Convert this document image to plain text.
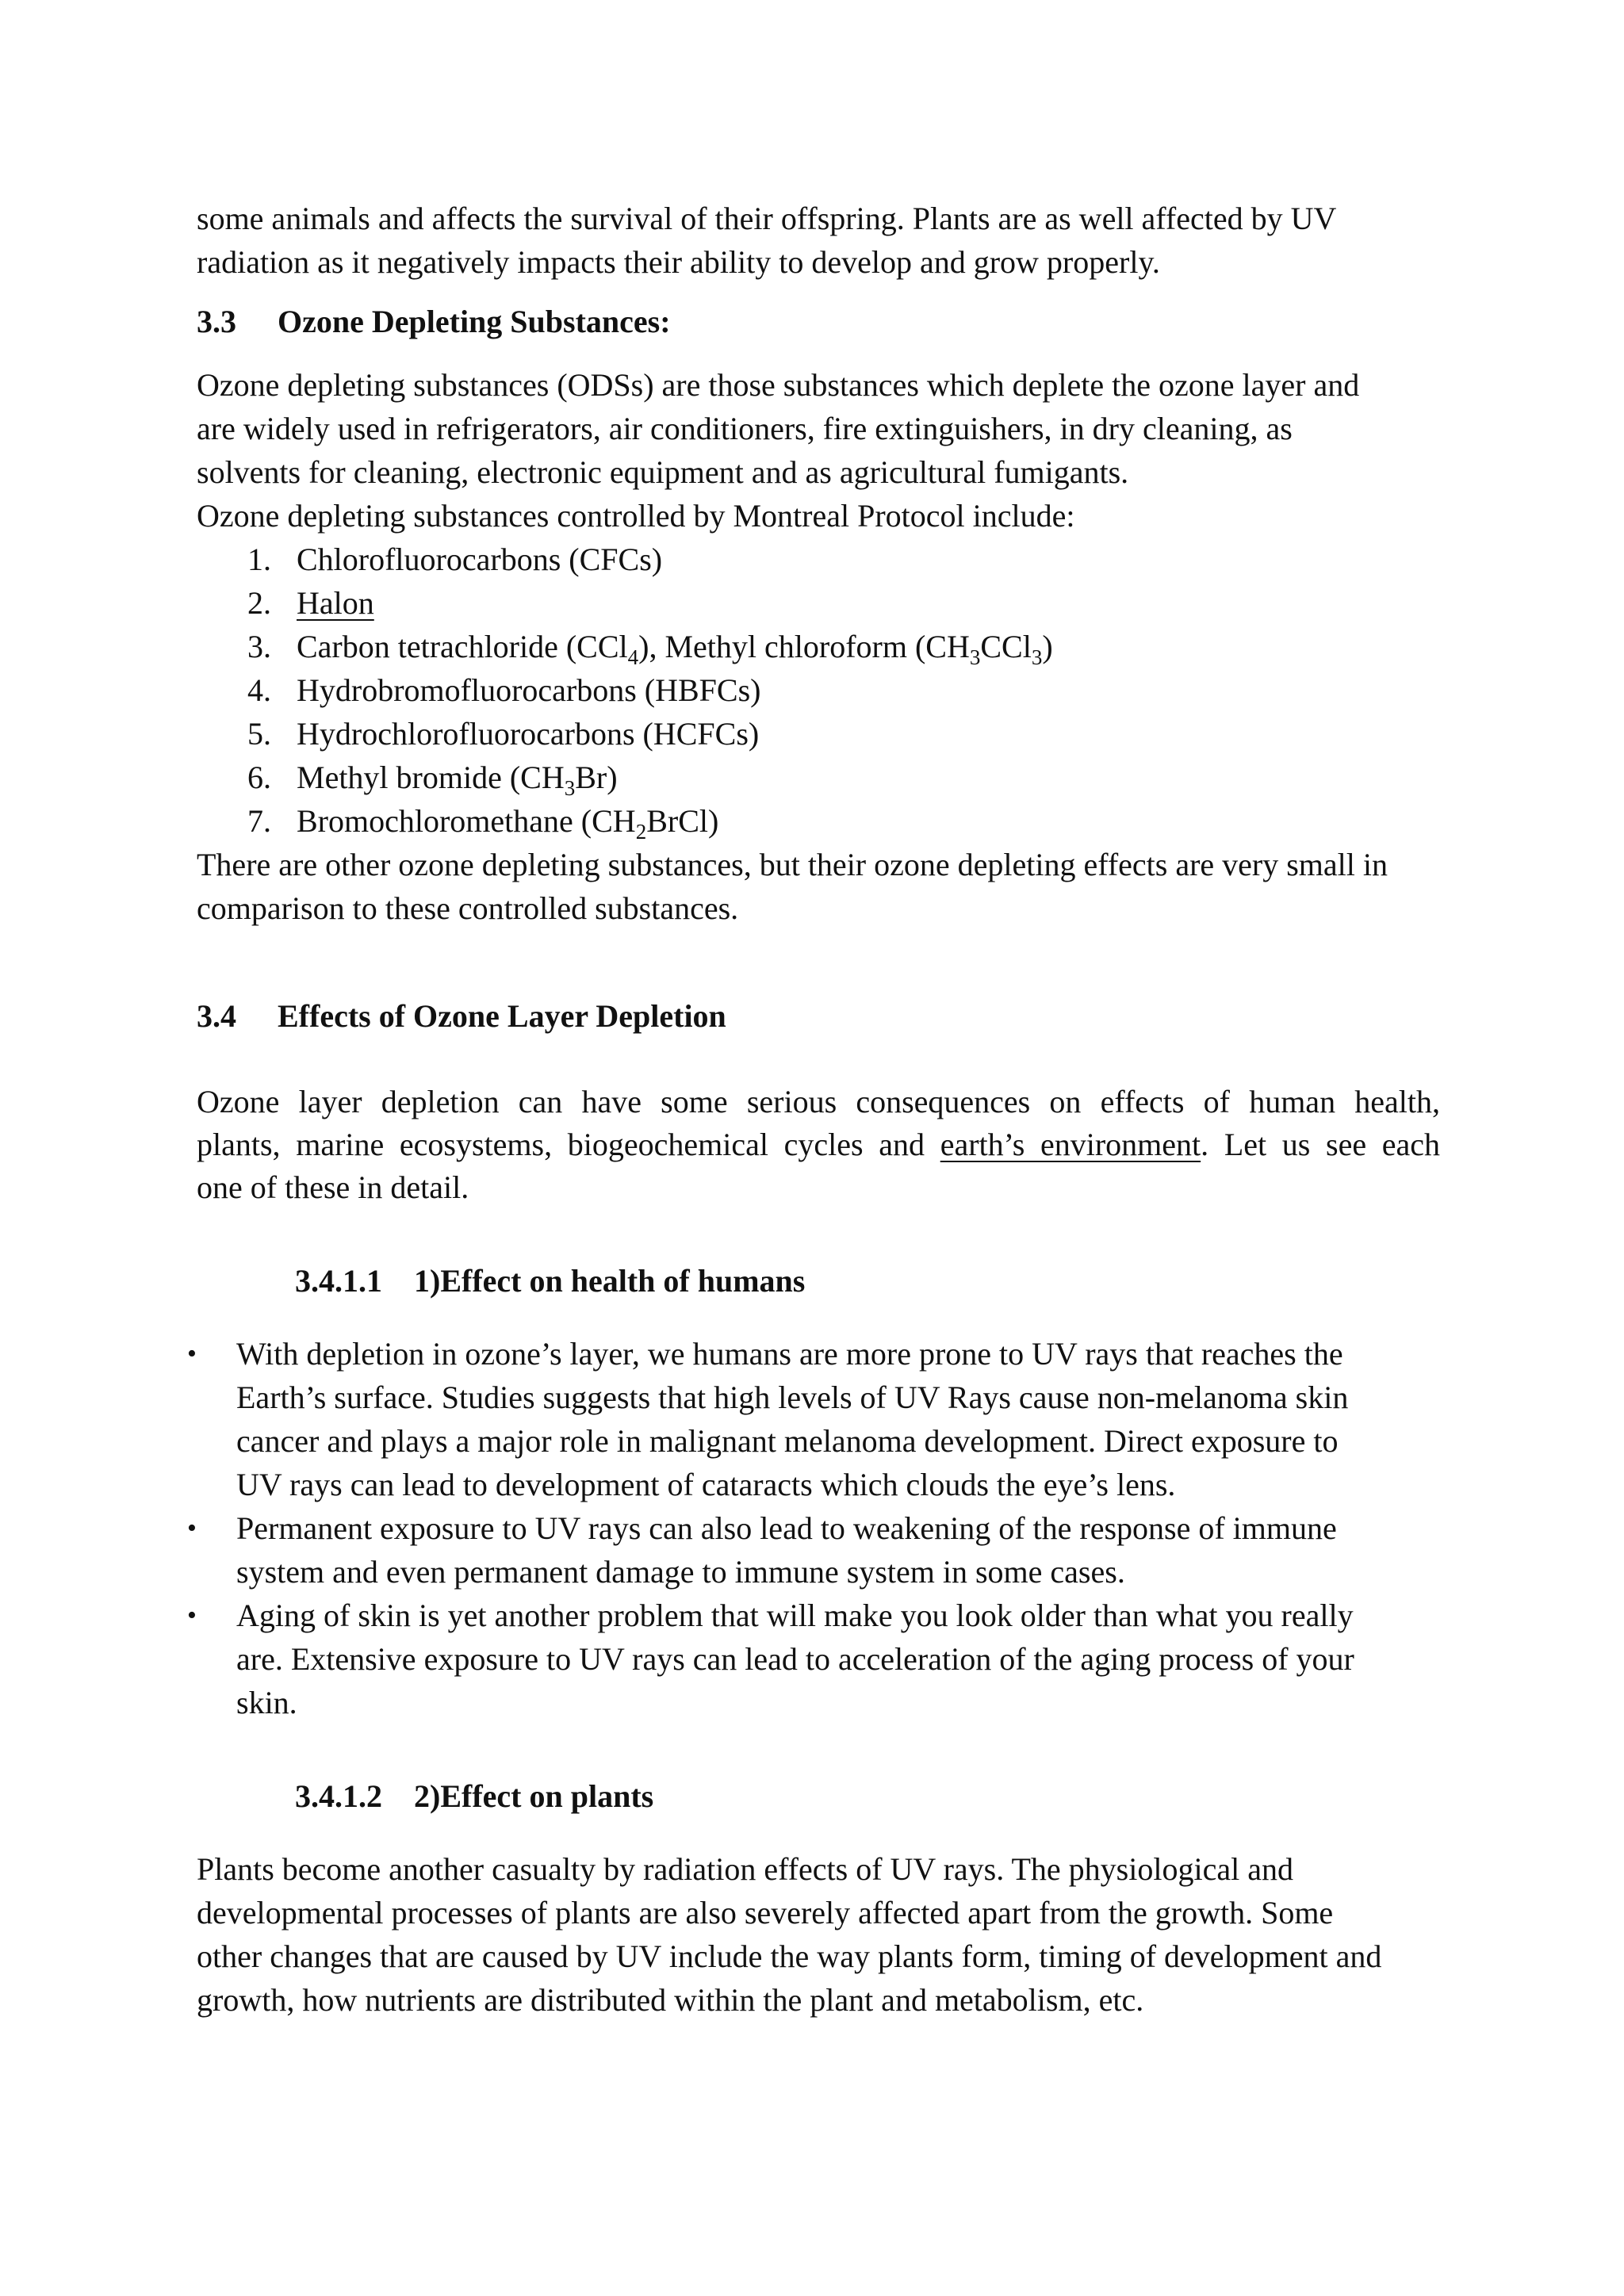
some animals and affects the survival of their offspring. Plants are as well affected by UV

radiation as it negatively impacts their ability to develop and grow properly.

3.3 Ozone Depleting Substances:

Ozone depleting substances (ODSs) are those substances which deplete the ozone layer and

are widely used in refrigerators, air conditioners, fire extinguishers, in dry cleaning, as

solvents for cleaning, electronic equipment and as agricultural fumigants.

Ozone depleting substances controlled by Montreal Protocol include:

1. Chlorofluorocarbons (CFCs)

2. Halon

3. Carbon tetrachloride (CCl$_4$), Methyl chloroform $(CH_3CCl_3)$

4. Hydrobromofluorocarbons (HBFCs)

5. Hydrochlorofluorocarbons (HCFCs)

6. Methyl bromide $(CH_3Br)$

7. Bromochloromethane $(CH_2BrCl)$

There are other ozone depleting substances, but their ozone depleting effects are very small in

comparison to these controlled substances.

3.4 Effects of Ozone Layer Depletion

Ozone layer depletion can have some serious consequences on effects of human health,

plants, marine ecosystems, biogeochemical cycles and earth’s environment. Let us see each

one of these in detail.

3.4.1.1 1)Effect on health of humans

• With depletion in ozone’s layer, we humans are more prone to UV rays that reaches the

Earth’s surface. Studies suggests that high levels of UV Rays cause non-melanoma skin

cancer and plays a major role in malignant melanoma development. Direct exposure to

UV rays can lead to development of cataracts which clouds the eye’s lens.

• Permanent exposure to UV rays can also lead to weakening of the response of immune

system and even permanent damage to immune system in some cases.

• Aging of skin is yet another problem that will make you look older than what you really

are. Extensive exposure to UV rays can lead to acceleration of the aging process of your

skin.

3.4.1.2 2)Effect on plants

Plants become another casualty by radiation effects of UV rays. The physiological and

developmental processes of plants are also severely affected apart from the growth. Some

other changes that are caused by UV include the way plants form, timing of development and

growth, how nutrients are distributed within the plant and metabolism, etc.
